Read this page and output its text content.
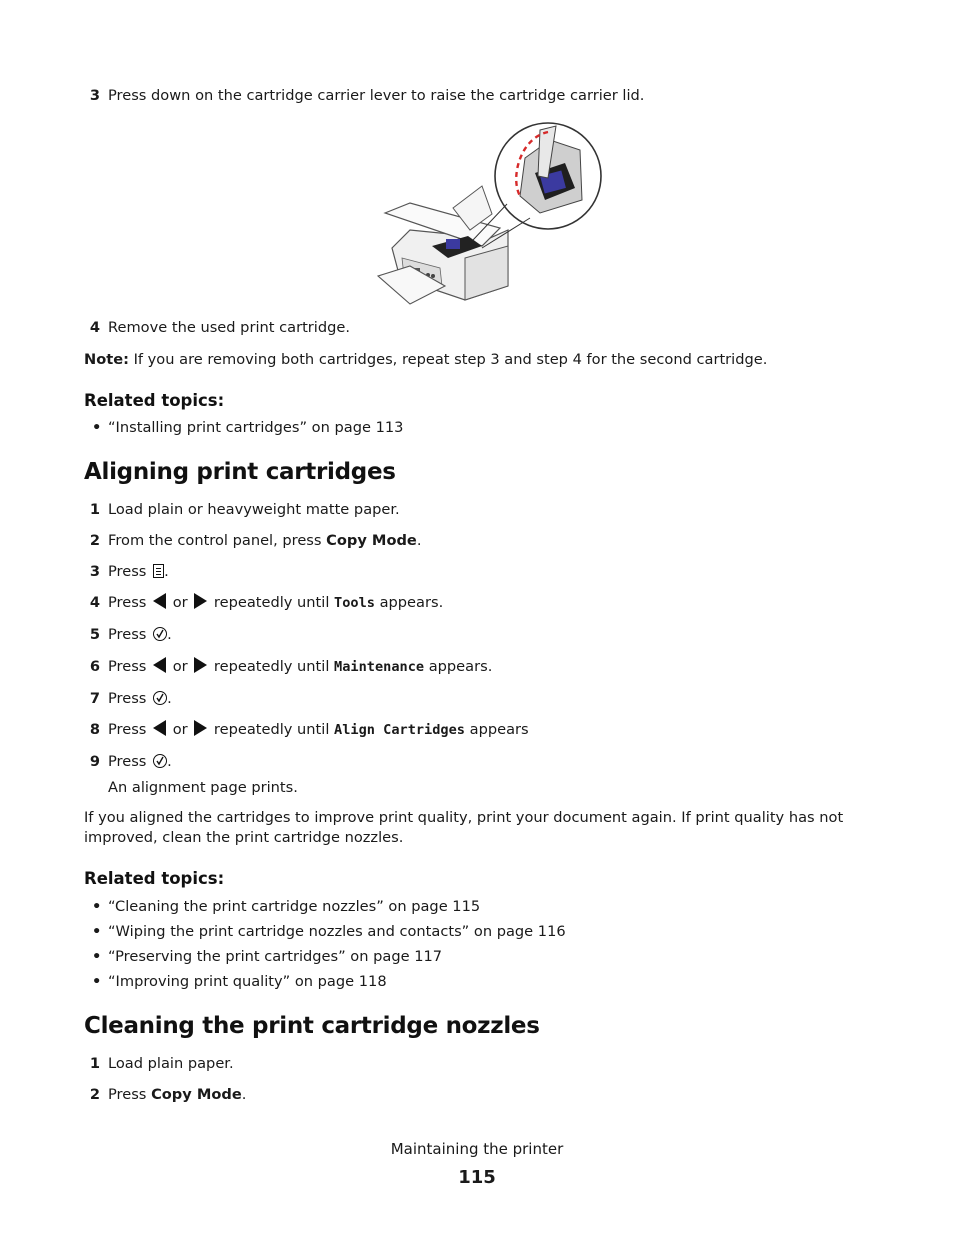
3 Press down on the cartridge carrier lever to raise the cartridge carrier lid.
4 Remove the used print cartridge.
Note: If you are removing both cartridges, repeat step 3 and step 4 for the second cartridge.
Related topics:
• “Installing print cartridges” on page 113
Aligning print cartridges
1 Load plain or heavyweight matte paper.
2 From the control panel, press Copy Mode.
3 Press
.
4 Press  or  repeatedly until Tools appears.
5 Press
.
6 Press  or  repeatedly until Maintenance appears.
7 Press
.
8 Press  or  repeatedly until Align Cartridges appears
9 Press
.
An alignment page prints.
If you aligned the cartridges to improve print quality, print your document again. If print quality has not improved, clean the print cartridge nozzles.
Related topics:
• “Cleaning the print cartridge nozzles” on page 115
• “Wiping the print cartridge nozzles and contacts” on page 116
• “Preserving the print cartridges” on page 117
• “Improving print quality” on page 118
Cleaning the print cartridge nozzles
1 Load plain paper.
2 Press Copy Mode.
Maintaining the printer
115
